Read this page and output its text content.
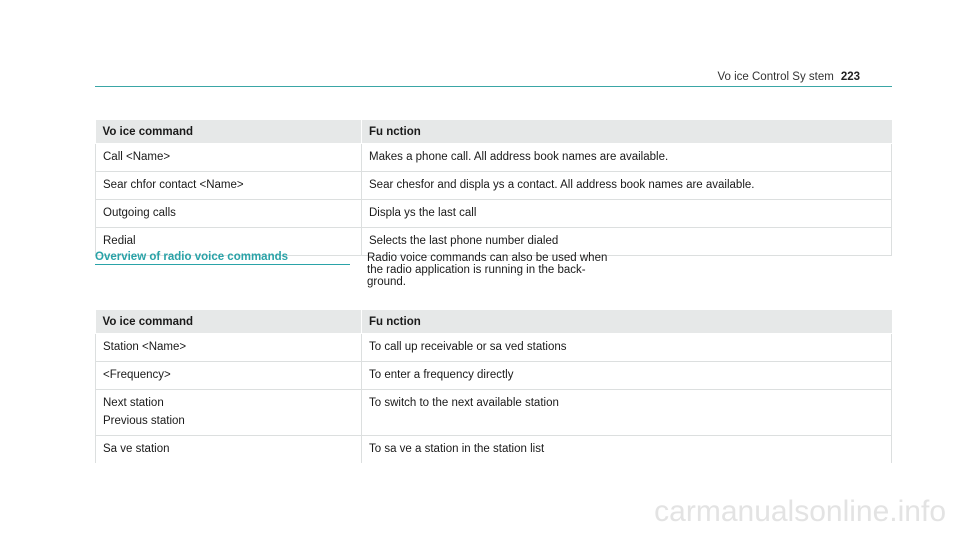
Vo ice Control Sy stem 223
Vo ice command	Fu nction
Call <Name>	Makes a phone call. All address book names are available.
Sear chfor contact <Name>	Sear chesfor and displa ys a contact. All address book names are available.
Outgoing calls	Displa ys the last call
Redial	Selects the last phone number dialed
Overview of radio voice commands	Radio voice commands can also be used when
the radio application is running in the back‐
ground.
Vo ice command	Fu nction
Station <Name>	To call up receivable or sa ved stations
<Frequency>	To enter a frequency directly

Next station
Previous station	To switch to the next available station
Sa ve station	To sa ve a station in the station list
carmanualsonline.info
